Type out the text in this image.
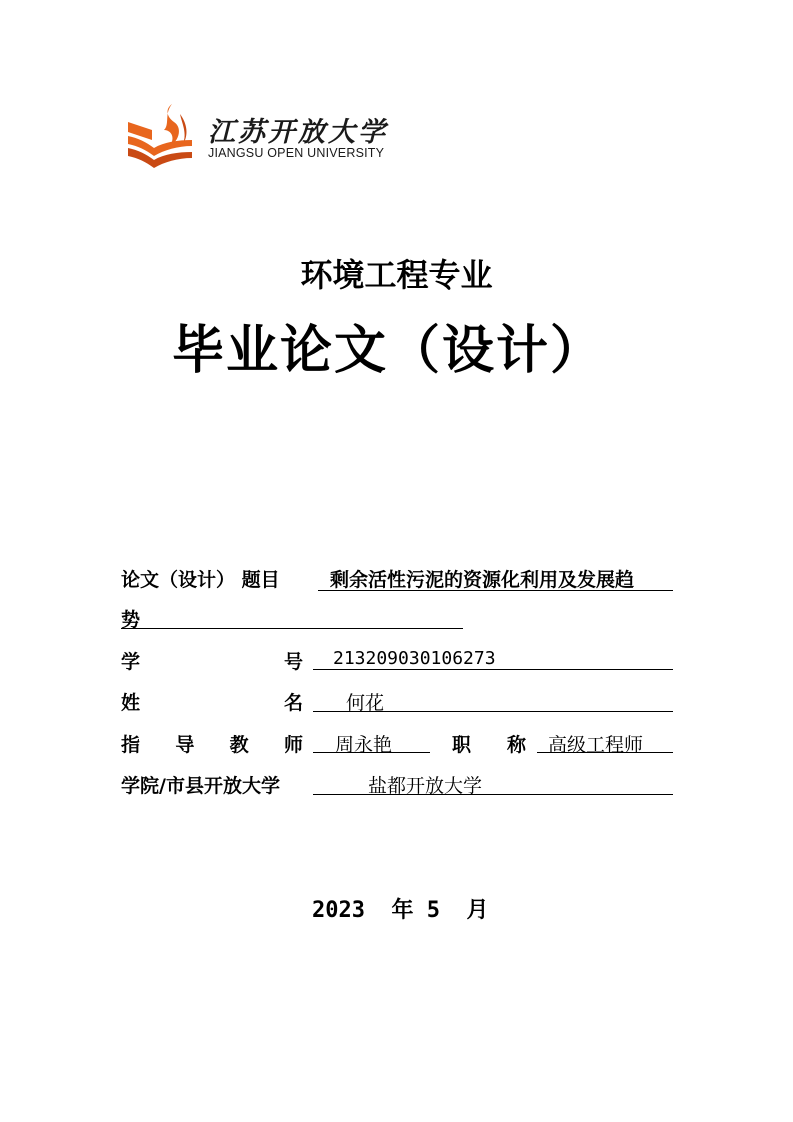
江苏开放大学
JIANGSU OPEN UNIVERSITY
环境工程专业
毕业论文（设计）
论文（设计） 题目	剩余活性污泥的资源化利用及发展趋
势
学号 213209030106273
姓名 何花
指导教师 周永艳	职 称 高级工程师
学院/市县开放大学	盐都开放大学
2023 年 5 月
